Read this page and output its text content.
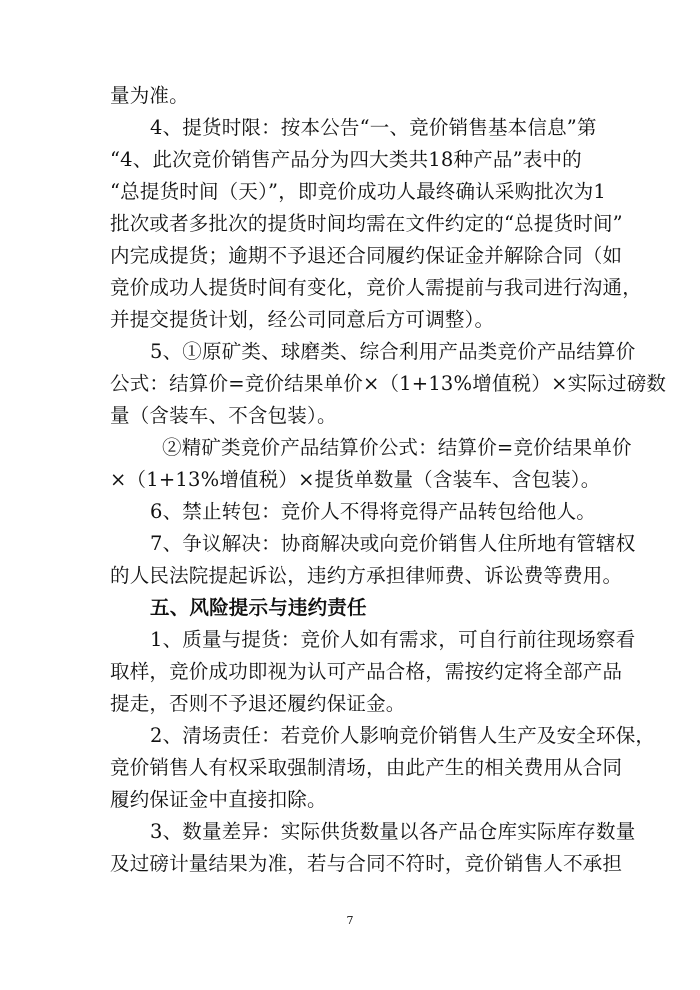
量为准。
4、提货时限：按本公告“一、竞价销售基本信息”第
“4、此次竞价销售产品分为四大类共18种产品”表中的
“总提货时间（天）”，即竞价成功人最终确认采购批次为1
批次或者多批次的提货时间均需在文件约定的“总提货时间”
内完成提货；逾期不予退还合同履约保证金并解除合同（如
竞价成功人提货时间有变化，竞价人需提前与我司进行沟通，
并提交提货计划，经公司同意后方可调整）。
5、①原矿类、球磨类、综合利用产品类竞价产品结算价
公式：结算价=竞价结果单价×（1+13%增值税）×实际过磅数
量（含装车、不含包装）。
②精矿类竞价产品结算价公式：结算价=竞价结果单价
×（1+13%增值税）×提货单数量（含装车、含包装）。
6、禁止转包：竞价人不得将竞得产品转包给他人。
7、争议解决：协商解决或向竞价销售人住所地有管辖权
的人民法院提起诉讼，违约方承担律师费、诉讼费等费用。
五、风险提示与违约责任
1、质量与提货：竞价人如有需求，可自行前往现场察看
取样，竞价成功即视为认可产品合格，需按约定将全部产品
提走，否则不予退还履约保证金。
2、清场责任：若竞价人影响竞价销售人生产及安全环保，
竞价销售人有权采取强制清场，由此产生的相关费用从合同
履约保证金中直接扣除。
3、数量差异：实际供货数量以各产品仓库实际库存数量
及过磅计量结果为准，若与合同不符时，竞价销售人不承担
7
